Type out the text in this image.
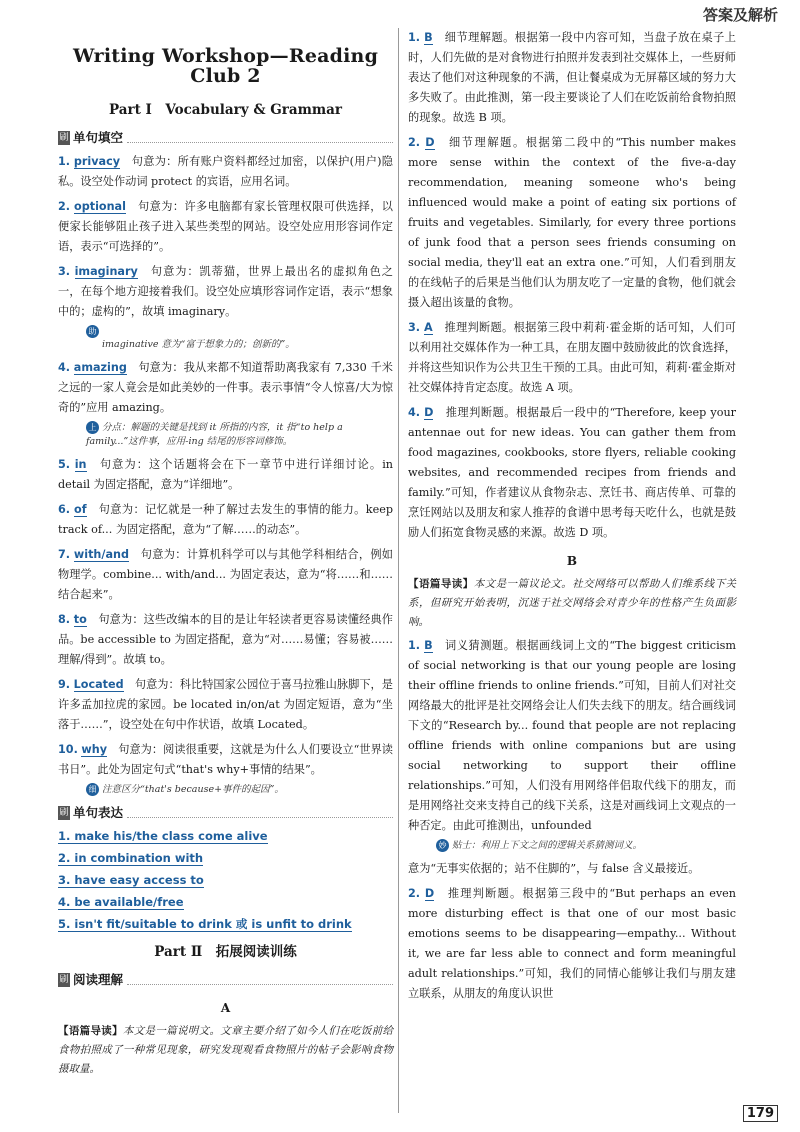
答案及解析
Writing Workshop—Reading Club 2
Part Ⅰ　Vocabulary & Grammar
刷 单句填空
1. privacy　 句意为：所有账户资料都经过加密，以保护(用户)隐私。设空处作动词 protect 的宾语，应用名词。
2. optional　 句意为：许多电脑都有家长管理权限可供选择，以便家长能够阻止孩子进入某些类型的网站。设空处应用形容词作定语，表示“可选择的”。
3. imaginary　 句意为：凯蒂猫，世界上最出名的虚拟角色之一，在每个地方迎接着我们。设空处应填形容词作定语，表示“想象中的；虚构的”，故填 imaginary。
助记 imaginative 意为“富于想象力的；创新的”。
4. amazing　 句意为：我从来都不知道帮助离我家有 7,330 千米之远的一家人竟会是如此美妙的一件事。表示事情“令人惊喜/大为惊奇的”应用 amazing。
上 分点：解题的关键是找到 it 所指的内容，it 指“to help a family...”这件事，应用-ing 结尾的形容词修饰。
5. in　 句意为：这个话题将会在下一章节中进行详细讨论。in detail 为固定搭配，意为“详细地”。
6. of　 句意为：记忆就是一种了解过去发生的事情的能力。keep track of... 为固定搭配，意为“了解……的动态”。
7. with/and　 句意为：计算机科学可以与其他学科相结合，例如物理学。combine... with/and... 为固定表达，意为“将……和……结合起来”。
8. to　 句意为：这些改编本的目的是让年轻读者更容易读懂经典作品。be accessible to 为固定搭配，意为“对……易懂；容易被……理解/得到”。故填 to。
9. Located　 句意为：科比特国家公园位于喜马拉雅山脉脚下，是许多孟加拉虎的家园。be located in/on/at 为固定短语，意为“坐落于……”，设空处在句中作状语，故填 Located。
10. why　 句意为：阅读很重要，这就是为什么人们要设立“世界读书日”。此处为固定句式“that's why+事情的结果”。
细 注意区分“that's because+事件的起因”。
刷 单句表达
1. make his/the class come alive
2. in combination with
3. have easy access to
4. be available/free
5. isn't fit/suitable to drink 或 is unfit to drink
Part Ⅱ　拓展阅读训练
刷 阅读理解
A
【语篇导读】本文是一篇说明文。文章主要介绍了如今人们在吃饭前给食物拍照成了一种常见现象，研究发现观看食物照片的帖子会影响食物摄取量。
1. B　 细节理解题。根据第一段中内容可知，当盘子放在桌子上时，人们先做的是对食物进行拍照并发表到社交媒体上，一些厨师表达了他们对这种现象的不满，但让餐桌成为无屏幕区域的努力大多失败了。由此推测，第一段主要谈论了人们在吃饭前给食物拍照的现象。故选 B 项。
2. D　 细节理解题。根据第二段中的“This number makes more sense within the context of the five-a-day recommendation, meaning someone who's being influenced would make a point of eating six portions of fruits and vegetables. Similarly, for every three portions of junk food that a person sees friends consuming on social media, they'll eat an extra one.”可知，人们看到朋友的在线帖子的后果是当他们认为朋友吃了一定量的食物，他们就会摄入超出该量的食物。
3. A　 推理判断题。根据第三段中莉莉·霍金斯的话可知，人们可以利用社交媒体作为一种工具，在朋友圈中鼓励彼此的饮食选择，并将这些知识作为公共卫生干预的工具。由此可知，莉莉·霍金斯对社交媒体持肯定态度。故选 A 项。
4. D　 推理判断题。根据最后一段中的“Therefore, keep your antennae out for new ideas. You can gather them from food magazines, cookbooks, store flyers, reliable cooking websites, and recommended recipes from friends and family.”可知，作者建议从食物杂志、烹饪书、商店传单、可靠的烹饪网站以及朋友和家人推荐的食谱中思考每天吃什么，也就是鼓励人们拓宽食物灵感的来源。故选 D 项。
B
【语篇导读】本文是一篇议论文。社交网络可以帮助人们维系线下关系，但研究开始表明，沉迷于社交网络会对青少年的性格产生负面影响。
1. B　 词义猜测题。根据画线词上文的“The biggest criticism of social networking is that our young people are losing their offline friends to online friends.”可知，目前人们对社交网络最大的批评是社交网络会让人们失去线下的朋友。结合画线词下文的“Research by... found that people are not replacing offline friends with online companions but are using social networking to support their offline relationships.”可知，人们没有用网络伴侣取代线下的朋友，而是用网络社交来支持自己的线下关系，这是对画线词上文观点的一种否定。由此可推测出，unfounded
妙 贴士：利用上下文之间的逻辑关系猜测词义。
意为“无事实依据的；站不住脚的”，与 false 含义最接近。
2. D　 推理判断题。根据第三段中的“But perhaps an even more disturbing effect is that one of our most basic emotions seems to be disappearing—empathy... Without it, we are far less able to connect and form meaningful adult relationships.”可知，我们的同情心能够让我们与朋友建立联系，从朋友的角度认识世
179
